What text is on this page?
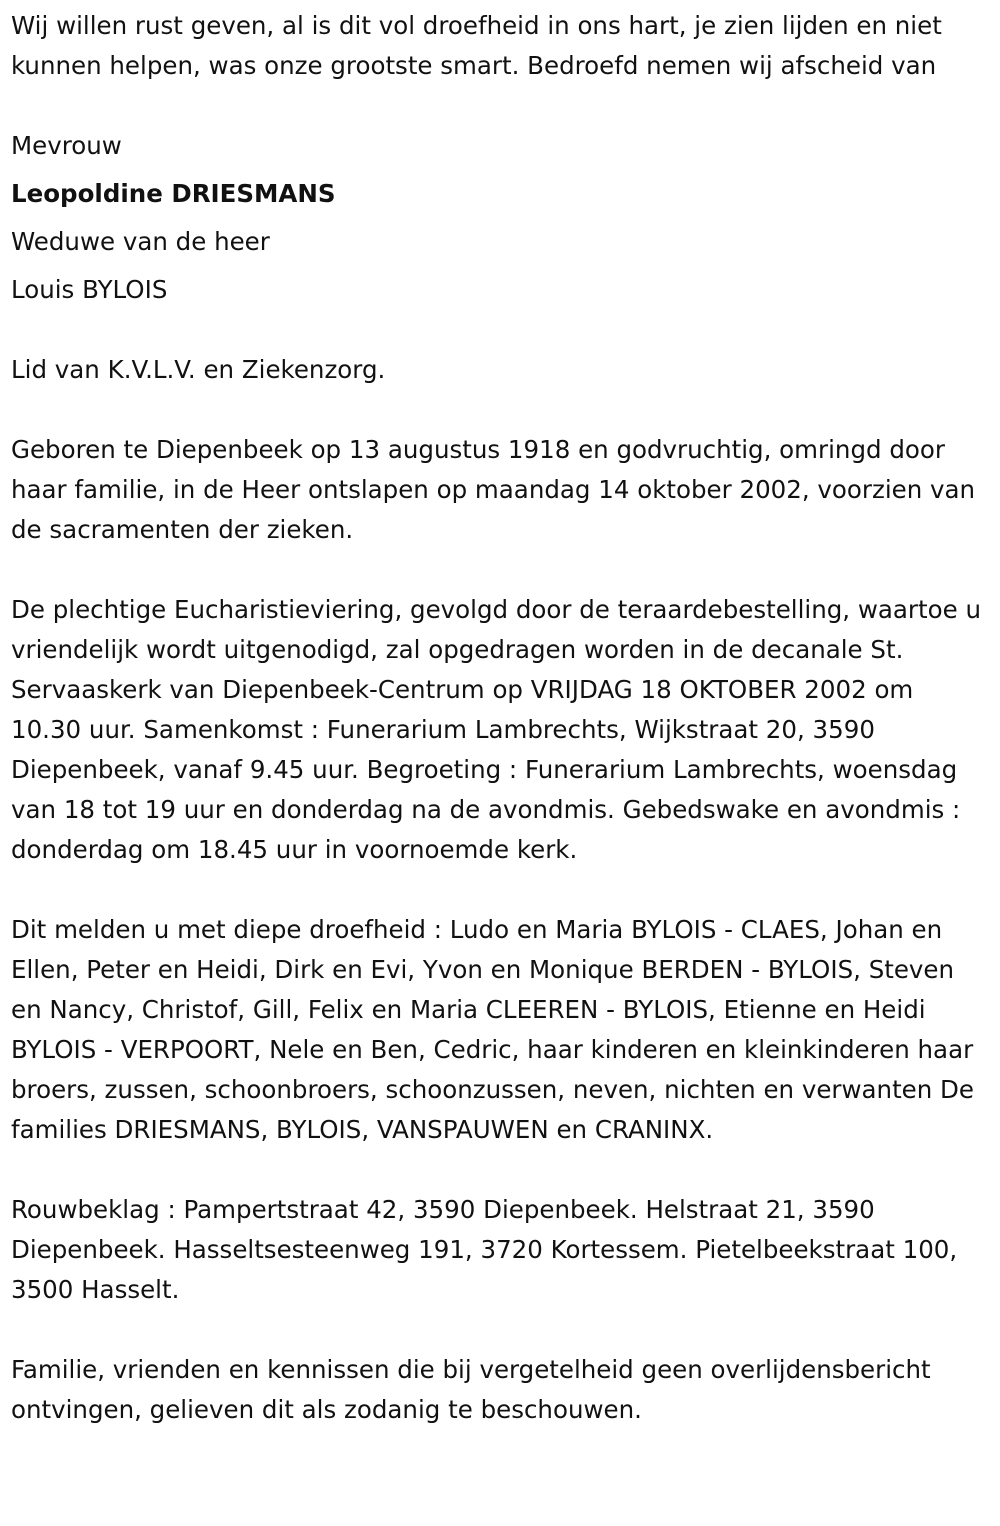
Wij willen rust geven, al is dit vol droefheid in ons hart, je zien lijden en niet kunnen helpen, was onze grootste smart. Bedroefd nemen wij afscheid van

Mevrouw

Leopoldine DRIESMANS

Weduwe van de heer

Louis BYLOIS

Lid van K.V.L.V. en Ziekenzorg.

Geboren te Diepenbeek op 13 augustus 1918 en godvruchtig, omringd door haar familie, in de Heer ontslapen op maandag 14 oktober 2002, voorzien van de sacramenten der zieken.

De plechtige Eucharistieviering, gevolgd door de teraardebestelling, waartoe u vriendelijk wordt uitgenodigd, zal opgedragen worden in de decanale St. Servaaskerk van Diepenbeek-Centrum op VRIJDAG 18 OKTOBER 2002 om 10.30 uur. Samenkomst : Funerarium Lambrechts, Wijkstraat 20, 3590 Diepenbeek, vanaf 9.45 uur. Begroeting : Funerarium Lambrechts, woensdag van 18 tot 19 uur en donderdag na de avondmis. Gebedswake en avondmis : donderdag om 18.45 uur in voornoemde kerk.

Dit melden u met diepe droefheid : Ludo en Maria BYLOIS - CLAES, Johan en Ellen, Peter en Heidi, Dirk en Evi, Yvon en Monique BERDEN - BYLOIS, Steven en Nancy, Christof, Gill, Felix en Maria CLEEREN - BYLOIS, Etienne en Heidi BYLOIS - VERPOORT, Nele en Ben, Cedric, haar kinderen en kleinkinderen haar broers, zussen, schoonbroers, schoonzussen, neven, nichten en verwanten De families DRIESMANS, BYLOIS, VANSPAUWEN en CRANINX.

Rouwbeklag : Pampertstraat 42, 3590 Diepenbeek. Helstraat 21, 3590 Diepenbeek. Hasseltsesteenweg 191, 3720 Kortessem. Pietelbeekstraat 100, 3500 Hasselt.

Familie, vrienden en kennissen die bij vergetelheid geen overlijdensbericht ontvingen, gelieven dit als zodanig te beschouwen.
